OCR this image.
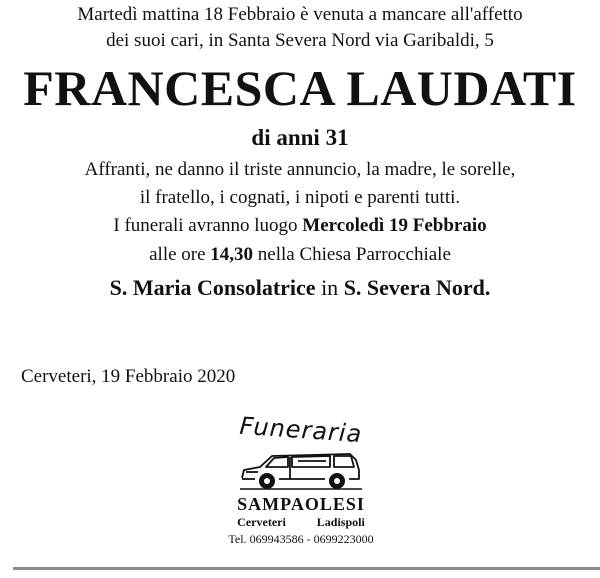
Martedì mattina 18 Febbraio è venuta a mancare all'affetto
dei suoi cari, in Santa Severa Nord via Garibaldi, 5
FRANCESCA LAUDATI
di anni 31
Affranti, ne danno il triste annuncio, la madre, le sorelle,
il fratello, i cognati, i nipoti e parenti tutti.
I funerali avranno luogo Mercoledì 19 Febbraio
alle ore 14,30 nella Chiesa Parrocchiale
S. Maria Consolatrice in S. Severa Nord.
Cerveteri, 19 Febbraio 2020
Funeraria
SAMPAOLESI
Cerveteri Ladispoli
Tel. 069943586 - 0699223000
